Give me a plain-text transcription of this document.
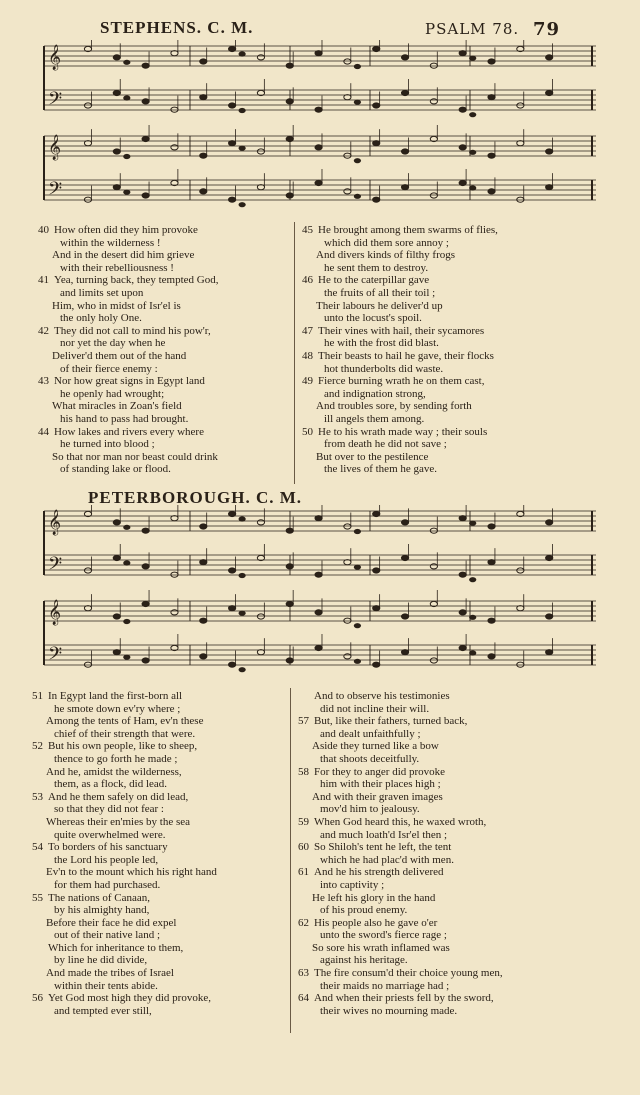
STEPHENS. C. M.	PSALM 78. 79
𝄞
𝄢
𝄞
𝄢
40 How often did they him provoke
within the wilderness !
And in the desert did him grieve
with their rebelliousness !
41 Yea, turning back, they tempted God,
and limits set upon
Him, who in midst of Isr'el is
the only holy One.
42 They did not call to mind his pow'r,
nor yet the day when he
Deliver'd them out of the hand
of their fierce enemy :
43 Nor how great signs in Egypt land
he openly had wrought;
What miracles in Zoan's field
his hand to pass had brought.
44 How lakes and rivers every where
he turned into blood ;
So that nor man nor beast could drink
of standing lake or flood.
45 He brought among them swarms of flies,
which did them sore annoy ;
And divers kinds of filthy frogs
he sent them to destroy.
46 He to the caterpillar gave
the fruits of all their toil ;
Their labours he deliver'd up
unto the locust's spoil.
47 Their vines with hail, their sycamores
he with the frost did blast.
48 Their beasts to hail he gave, their flocks
hot thunderbolts did waste.
49 Fierce burning wrath he on them cast,
and indignation strong,
And troubles sore, by sending forth
ill angels them among.
50 He to his wrath made way ; their souls
from death he did not save ;
But over to the pestilence
the lives of them he gave.
PETERBOROUGH. C. M.
𝄞
𝄢
𝄞
𝄢
51 In Egypt land the first-born all
he smote down ev'ry where ;
Among the tents of Ham, ev'n these
chief of their strength that were.
52 But his own people, like to sheep,
thence to go forth he made ;
And he, amidst the wilderness,
them, as a flock, did lead.
53 And he them safely on did lead,
so that they did not fear :
Whereas their en'mies by the sea
quite overwhelmed were.
54 To borders of his sanctuary
the Lord his people led,
Ev'n to the mount which his right hand
for them had purchased.
55 The nations of Canaan,
by his almighty hand,
Before their face he did expel
out of their native land ;
Which for inheritance to them,
by line he did divide,
And made the tribes of Israel
within their tents abide.
56 Yet God most high they did provoke,
and tempted ever still,
And to observe his testimonies
did not incline their will.
57 But, like their fathers, turned back,
and dealt unfaithfully ;
Aside they turned like a bow
that shoots deceitfully.
58 For they to anger did provoke
him with their places high ;
And with their graven images
mov'd him to jealousy.
59 When God heard this, he waxed wroth,
and much loath'd Isr'el then ;
60 So Shiloh's tent he left, the tent
which he had plac'd with men.
61 And he his strength delivered
into captivity ;
He left his glory in the hand
of his proud enemy.
62 His people also he gave o'er
unto the sword's fierce rage ;
So sore his wrath inflamed was
against his heritage.
63 The fire consum'd their choice young men,
their maids no marriage had ;
64 And when their priests fell by the sword,
their wives no mourning made.
